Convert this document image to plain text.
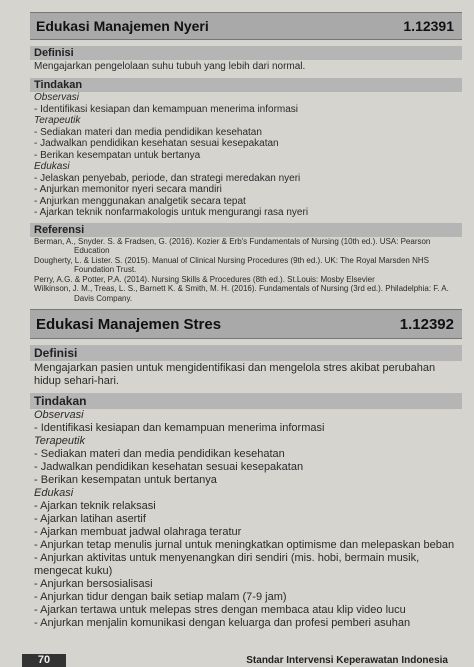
Edukasi Manajemen Nyeri	1.12391
Definisi
Mengajarkan pengelolaan suhu tubuh yang lebih dari normal.
Tindakan
Observasi
- Identifikasi kesiapan dan kemampuan menerima informasi
Terapeutik
- Sediakan materi dan media pendidikan kesehatan
- Jadwalkan pendidikan kesehatan sesuai kesepakatan
- Berikan kesempatan untuk bertanya
Edukasi
- Jelaskan penyebab, periode, dan strategi meredakan nyeri
- Anjurkan memonitor nyeri secara mandiri
- Anjurkan menggunakan analgetik secara tepat
- Ajarkan teknik nonfarmakologis untuk mengurangi rasa nyeri
Referensi
Berman, A., Snyder. S. & Fradsen, G. (2016). Kozier & Erb's Fundamentals of Nursing (10th ed.). USA: Pearson
Education
Dougherty, L. & Lister. S. (2015). Manual of Clinical Nursing Procedures (9th ed.). UK: The Royal Marsden NHS
Foundation Trust.
Perry, A.G. & Potter, P.A. (2014). Nursing Skills & Procedures (8th ed.). St.Louis: Mosby Elsevier
Wilkinson, J. M., Treas, L. S., Barnett K. & Smith, M. H. (2016). Fundamentals of Nursing (3rd ed.). Philadelphia: F. A.
Davis Company.
Edukasi Manajemen Stres	1.12392
Definisi
Mengajarkan pasien untuk mengidentifikasi dan mengelola stres akibat perubahan hidup sehari-hari.
Tindakan
Observasi
- Identifikasi kesiapan dan kemampuan menerima informasi
Terapeutik
- Sediakan materi dan media pendidikan kesehatan
- Jadwalkan pendidikan kesehatan sesuai kesepakatan
- Berikan kesempatan untuk bertanya
Edukasi
- Ajarkan teknik relaksasi
- Ajarkan latihan asertif
- Ajarkan membuat jadwal olahraga teratur
- Anjurkan tetap menulis jurnal untuk meningkatkan optimisme dan melepaskan beban
- Anjurkan aktivitas untuk menyenangkan diri sendiri (mis. hobi, bermain musik, mengecat kuku)
- Anjurkan bersosialisasi
- Anjurkan tidur dengan baik setiap malam (7-9 jam)
- Ajarkan tertawa untuk melepas stres dengan membaca atau klip video lucu
- Anjurkan menjalin komunikasi dengan keluarga dan profesi pemberi asuhan
70	Standar Intervensi Keperawatan Indonesia
